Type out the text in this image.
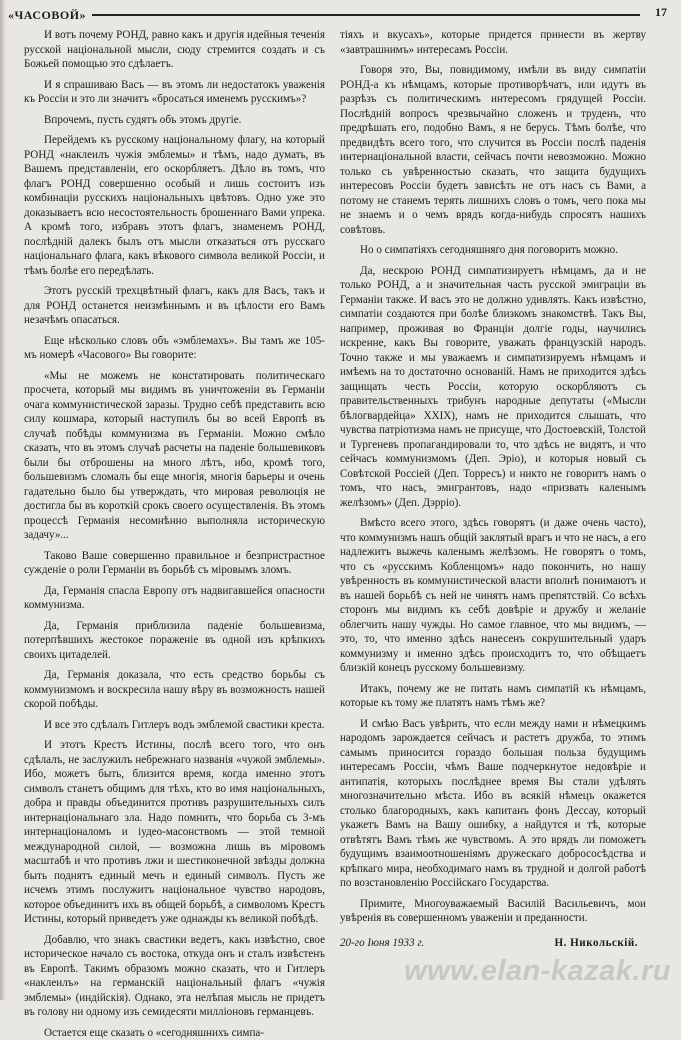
«ЧАСОВОЙ»	17

И вотъ почему РОНД, равно какъ и другія идейныя теченія русской національной мысли, сюду стремится создать и съ Божьей помощью это сдѣлаетъ.

И я спрашиваю Васъ — въ этомъ ли недостатокъ уваженія къ Россіи и это ли значитъ «бросаться именемъ русскимъ»?

Впрочемъ, пусть судятъ объ этомъ другіе.

Перейдемъ къ русскому національному флагу, на который РОНД «наклеилъ чужія эмблемы» и тѣмъ, надо думать, въ Вашемъ представленіи, его оскорбляетъ. Дѣло въ томъ, что флагъ РОНД совершенно особый и лишь состоитъ изъ комбинаціи русскихъ національныхъ цвѣтовъ. Одно уже это доказываетъ всю несостоятельность брошеннаго Вами упрека. А кромѣ того, избравъ этотъ флагъ, знаменемъ РОНД, послѣдній далекъ былъ отъ мысли отказаться отъ русскаго національнаго флага, какъ вѣкового символа великой Россіи, и тѣмъ болѣе его передѣлать.

Этотъ русскій трехцвѣтный флагъ, какъ для Васъ, такъ и для РОНД останется неизмѣннымъ и въ цѣлости его Вамъ незачѣмъ опасаться.

Еще нѣсколько словъ объ «эмблемахъ». Вы тамъ же 105-мъ номерѣ «Часового» Вы говорите:

«Мы не можемъ не констатировать политическаго просчета, который мы видимъ въ уничтоженіи въ Германіи очага коммунистической заразы. Трудно себѣ представить всю силу кошмара, который наступилъ бы во всей Европѣ въ случаѣ побѣды коммунизма въ Германіи. Можно смѣло сказать, что въ этомъ случаѣ расчеты на паденіе большевиковъ были бы отброшены на много лѣтъ, ибо, кромѣ того, большевизмъ сломалъ бы еще многія, многія барьеры и очень гадательно было бы утверждать, что мировая революція не достигла бы въ короткій срокъ своего осуществленія. Въ этомъ процессѣ Германія несомнѣнно выполняла историческую задачу»...

Таково Ваше совершенно правильное и безпристрастное сужденіе о роли Германіи въ борьбѣ съ міровымъ зломъ.

Да, Германія спасла Европу отъ надвигавшейся опасности коммунизма.

Да, Германія приблизила паденіе большевизма, потерпѣвшихъ жестокое пораженіе въ одной изъ крѣпкихъ своихъ цитаделей.

Да, Германія доказала, что есть средство борьбы съ коммунизмомъ и воскресила нашу вѣру въ возможность нашей скорой побѣды.

И все это сдѣлалъ Гитлеръ водъ эмблемой свастики креста.

И этотъ Крестъ Истины, послѣ всего того, что онъ сдѣлалъ, не заслужилъ небрежнаго названія «чужой эмблемы». Ибо, можетъ быть, близится время, когда именно этотъ символъ станетъ общимъ для тѣхъ, кто во имя національныхъ, добра и правды объединится противъ разрушительныхъ силъ интернаціональнаго зла. Надо помнить, что борьба съ 3-мъ интернаціоналомъ и іудео-масонствомъ — этой темной международной силой, — возможна лишь въ міровомъ масштабѣ и что противъ лжи и шестиконечной звѣзды должна быть поднятъ единый мечъ и единый символъ. Пусть же исчемъ этимъ послужитъ національное чувство народовъ, которое объединитъ ихъ въ общей борьбѣ, а символомъ Крестъ Истины, который приведетъ уже однажды къ великой побѣдѣ.

Добавлю, что знакъ свастики ведетъ, какъ извѣстно, свое историческое начало съ востока, откуда онъ и сталъ извѣстенъ въ Европѣ. Такимъ образомъ можно сказать, что и Гитлеръ «наклеилъ» на германскій національный флагъ «чужія эмблемы» (индійскія). Однако, эта нелѣпая мысль не придетъ въ голову ни одному изъ семидесяти милліоновъ германцевъ.

Остается еще сказать о «сегодняшнихъ симпа-

тіяхъ и вкусахъ», которые придется принести въ жертву «завтрашнимъ» интересамъ Россіи.

Говоря это, Вы, повидимому, имѣли въ виду симпатіи РОНД-а къ нѣмцамъ, которые противорѣчатъ, или идутъ въ разрѣзъ съ политическимъ интересомъ грядущей Россіи. Послѣдній вопросъ чрезвычайно сложенъ и труденъ, что предрѣшать его, подобно Вамъ, я не берусь. Тѣмъ болѣе, что предвидѣть всего того, что случится въ Россіи послѣ паденія интернаціональной власти, сейчасъ почти невозможно. Можно только съ увѣренностью сказать, что защита будущихъ интересовъ Россіи будетъ зависѣть не отъ насъ съ Вами, а потому не станемъ терять лишнихъ словъ о томъ, чего пока мы не знаемъ и о чемъ врядъ когда-нибудь спросятъ нашихъ совѣтовъ.

Но о симпатіяхъ сегодняшняго дня поговорить можно.

Да, нескрою РОНД симпатизируетъ нѣмцамъ, да и не только РОНД, а и значительная часть русской эмиграціи въ Германіи также. И васъ это не должно удивлять. Какъ извѣстно, симпатіи создаются при болѣе близкомъ знакомствѣ. Такъ Вы, например, проживая во Франціи долгіе годы, научились искренне, какъ Вы говорите, уважать французскій народъ. Точно также и мы уважаемъ и симпатизируемъ нѣмцамъ и имѣемъ на то достаточно основаній. Намъ не приходится здѣсь защищать честь Россіи, которую оскорбляютъ съ правительственныхъ трибунъ народные депутаты («Мысли бѣлогвардейца» XXIX), намъ не приходится слышать, что чувства патріотизма намъ не присуще, что Достоевскій, Толстой и Тургеневъ пропагандировали то, что здѣсь не видятъ, и что сейчасъ коммунизмомъ (Деп. Эріо), и которыя новый съ Совѣтской Россіей (Деп. Торресъ) и никто не говоритъ намъ о томъ, что насъ, эмигрантовъ, надо «призвать каленымъ желѣзомъ» (Деп. Дэрріо).

Вмѣсто всего этого, здѣсь говорятъ (и даже очень часто), что коммунизмъ нашъ общій заклятый врагъ и что не насъ, а его надлежитъ выжечь каленымъ желѣзомъ. Не говорятъ о томъ, что съ «русскимъ Кобленцомъ» надо покончить, но нашу увѣренность въ коммунистической власти вполнѣ понимаютъ и въ нашей борьбѣ съ ней не чинятъ намъ препятствій. Со всѣхъ сторонъ мы видимъ къ себѣ довѣріе и дружбу и желаніе облегчить нашу чужды. Но самое главное, что мы видимъ, — это, то, что именно здѣсь нанесенъ сокрушительный ударъ коммунизму и именно здѣсь происходитъ то, что обѣщаетъ близкій конецъ русскому большевизму.

Итакъ, почему же не питать намъ симпатій къ нѣмцамъ, которые къ тому же платятъ намъ тѣмъ же?

И смѣю Васъ увѣрить, что если между нами и нѣмецкимъ народомъ зарождается сейчасъ и растетъ дружба, то этимъ самымъ приносится гораздо большая польза будущимъ интересамъ Россіи, чѣмъ Ваше подчеркнутое недовѣріе и антипатія, которыхъ послѣднее время Вы стали удѣлять многозначительно мѣста. Ибо въ всякій нѣмецъ окажется столько благородныхъ, какъ капитанъ фонъ Дессау, который укажетъ Вамъ на Вашу ошибку, а найдутся и тѣ, которые отвѣтятъ Вамъ тѣмъ же чувствомъ. А это врядъ ли поможетъ будущимъ взаимоотношеніямъ дружескаго добрососѣдства и крѣпкаго мира, необходимаго намъ въ трудной и долгой работѣ по возстановленію Россійскаго Государства.

Примите, Многоуважаемый Василій Васильевичъ, мои увѣренія въ совершенномъ уваженіи и преданности.

20-го Іюня 1933 г.	Н. Никольскій.
www.elan-kazak.ru
